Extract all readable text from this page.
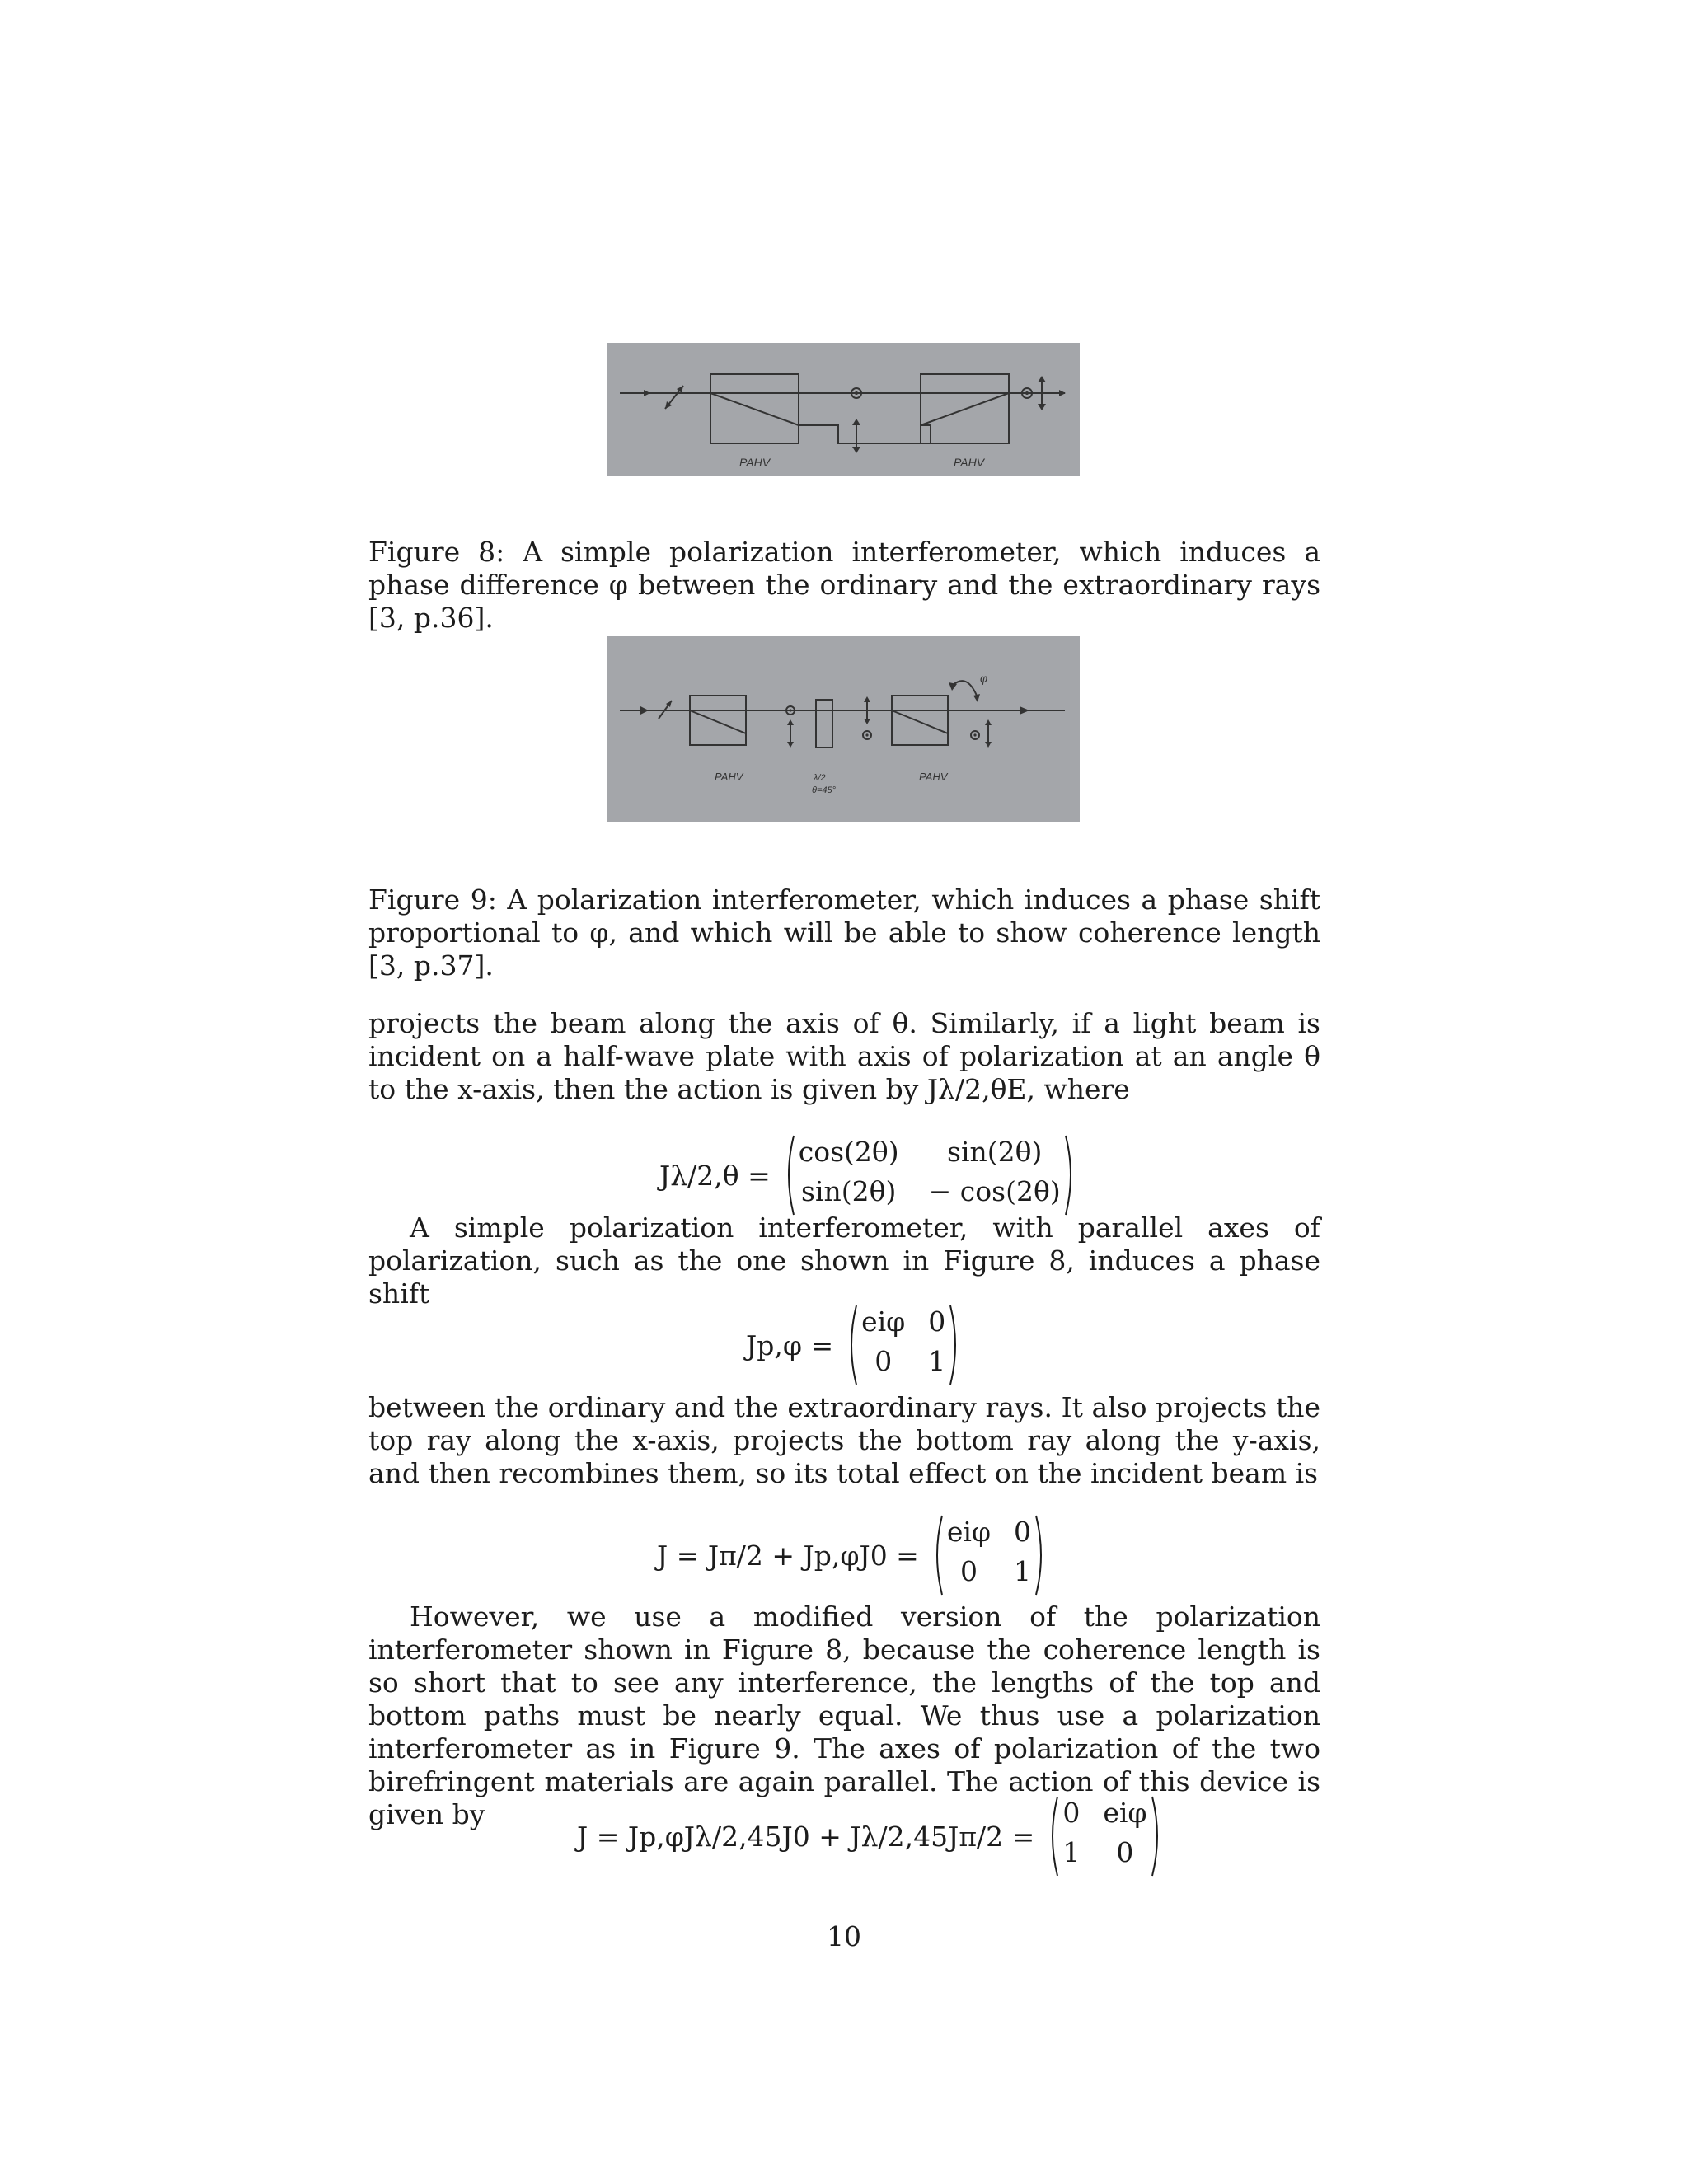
PAHV	PAHV

Figure 8: A simple polarization interferometer, which induces a phase difference φ between the ordinary and the extraordinary rays [3, p.36].

φ
PAHV	λ/2
θ=45°
PAHV

Figure 9: A polarization interferometer, which induces a phase shift proportional to φ, and which will be able to show coherence length [3, p.37].

projects the beam along the axis of θ. Similarly, if a light beam is incident on a half-wave plate with axis of polarization at an angle θ to the x-axis, then the action is given by Jλ/2,θE, where

Jλ/2,θ =
cos(2θ)	sin(2θ)
sin(2θ) − cos(2θ)

A simple polarization interferometer, with parallel axes of polarization, such as the one shown in Figure 8, induces a phase shift

Jp,φ =
eiφ 0
0	1

between the ordinary and the extraordinary rays. It also projects the top ray along the x-axis, projects the bottom ray along the y-axis, and then recombines them, so its total effect on the incident beam is

J = Jπ/2 + Jp,φJ0 =
eiφ 0
0	1

However, we use a modified version of the polarization interferometer shown in Figure 8, because the coherence length is so short that to see any interference, the lengths of the top and bottom paths must be nearly equal. We thus use a polarization interferometer as in Figure 9. The axes of polarization of the two birefringent materials are again parallel. The action of this device is given by

J = Jp,φJλ/2,45J0 + Jλ/2,45Jπ/2 =
0 eiφ
1	0
10
